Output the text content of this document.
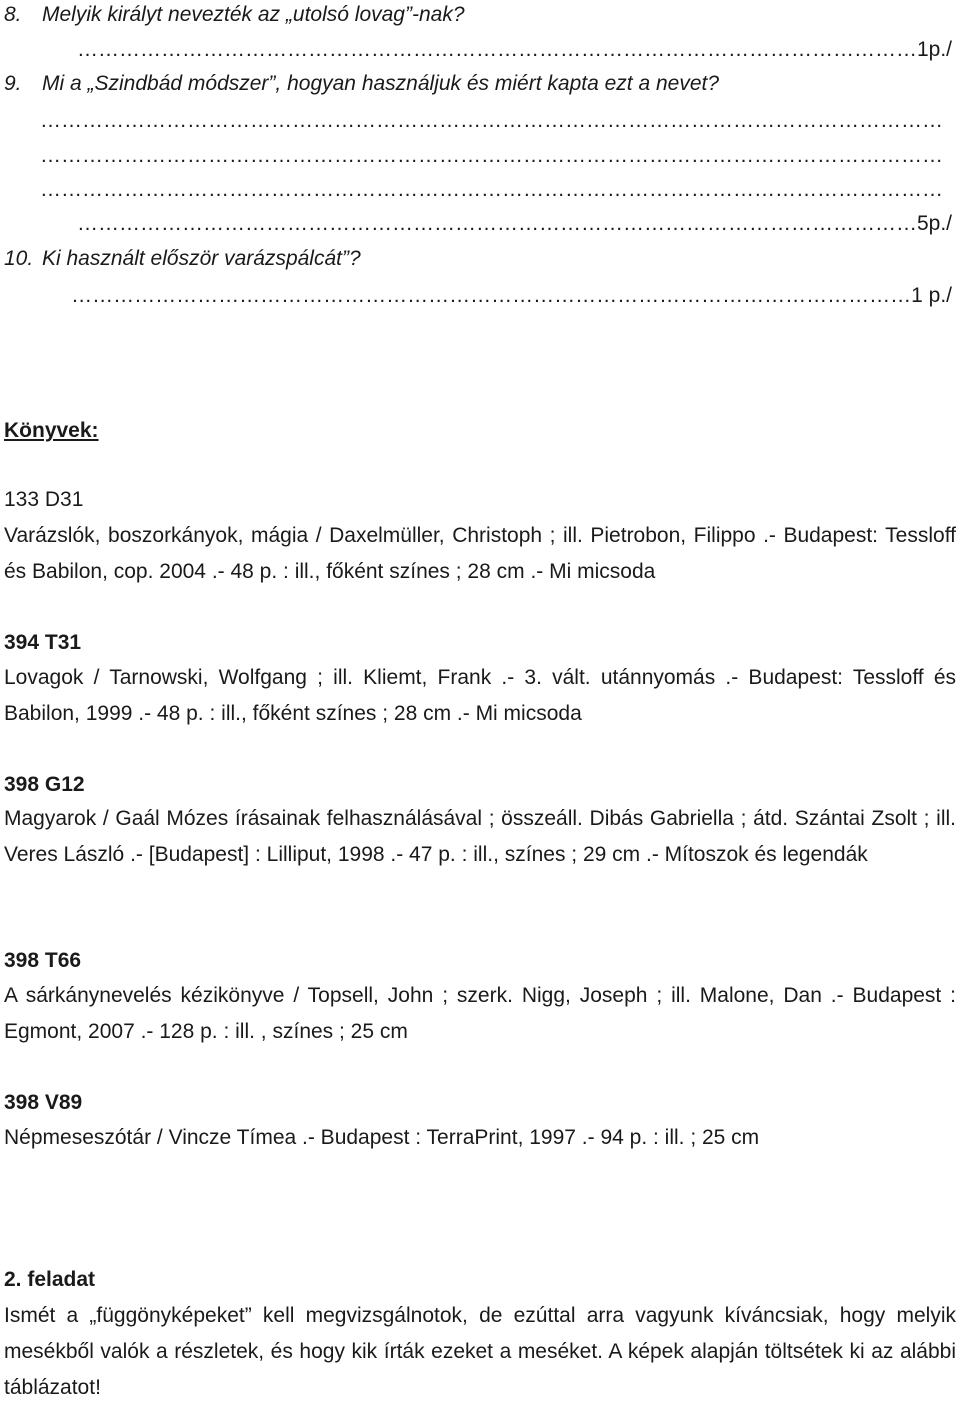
8. Melyik királyt nevezték az „utolsó lovag”-nak?
…………………………………………………………………………………………………………1p./
9. Mi a „Szindbád módszer”, hogyan használjuk és miért kapta ezt a nevet?
…………………………………………………………………………………………………………………
…………………………………………………………………………………………………………………
…………………………………………………………………………………………………………………
…………………………………………………………………………………………………………5p./
10. Ki használt először varázspálcát”?
…………………………………………………………………………………………………………1 p./
Könyvek:
133 D31
Varázslók, boszorkányok, mágia / Daxelmüller, Christoph ; ill. Pietrobon, Filippo .- Budapest: Tessloff és Babilon, cop. 2004 .- 48 p. : ill., főként színes ; 28 cm .- Mi micsoda
394 T31
Lovagok / Tarnowski, Wolfgang ; ill. Kliemt, Frank .- 3. vált. utánnyomás .- Budapest: Tessloff és Babilon, 1999 .- 48 p. : ill., főként színes ; 28 cm .- Mi micsoda
398 G12
Magyarok / Gaál Mózes írásainak felhasználásával ; összeáll. Dibás Gabriella ; átd. Szántai Zsolt ; ill. Veres László .- [Budapest] : Lilliput, 1998 .- 47 p. : ill., színes ; 29 cm .- Mítoszok és legendák
398 T66
A sárkánynevelés kézikönyve / Topsell, John ; szerk. Nigg, Joseph ; ill. Malone, Dan .- Budapest : Egmont, 2007 .- 128 p. : ill. , színes ; 25 cm
398 V89
Népmeseszótár / Vincze Tímea .- Budapest : TerraPrint, 1997 .- 94 p. : ill. ; 25 cm
2. feladat
Ismét a „függönyképeket” kell megvizsgálnotok, de ezúttal arra vagyunk kíváncsiak, hogy melyik mesékből valók a részletek, és hogy kik írták ezeket a meséket. A képek alapján töltsétek ki az alábbi táblázatot!
